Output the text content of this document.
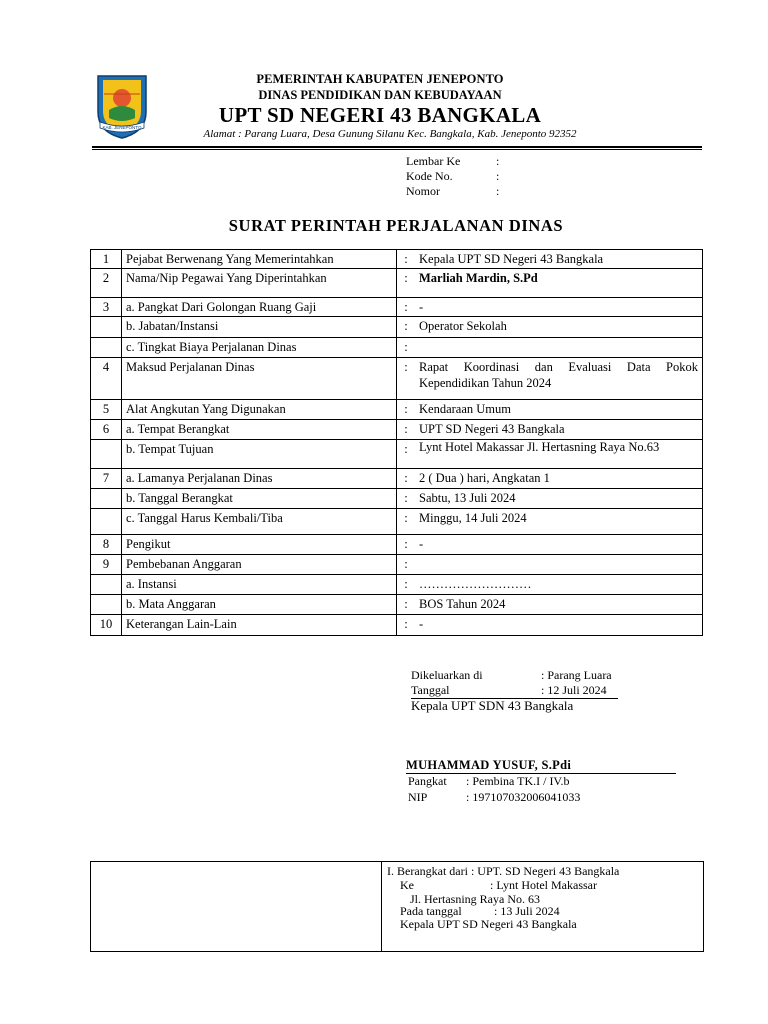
KAB. JENEPONTO
PEMERINTAH KABUPATEN JENEPONTO
DINAS PENDIDIKAN DAN KEBUDAYAAN
UPT SD NEGERI 43 BANGKALA
Alamat : Parang Luara, Desa Gunung Silanu Kec. Bangkala, Kab. Jeneponto 92352
Lembar Ke	:
Kode No.	:
Nomor	:
SURAT PERINTAH PERJALANAN DINAS
1	Pejabat Berwenang Yang Memerintahkan	:	Kepala UPT SD Negeri 43 Bangkala
2	Nama/Nip Pegawai Yang Diperintahkan	:	Marliah Mardin, S.Pd
3	a. Pangkat Dari Golongan Ruang Gaji	:	-
	b. Jabatan/Instansi	:	Operator Sekolah
	c. Tingkat Biaya Perjalanan Dinas	:	
4	Maksud Perjalanan Dinas	:	Rapat Koordinasi dan Evaluasi Data Pokok Kependidikan Tahun 2024
5	Alat Angkutan Yang Digunakan	:	Kendaraan Umum
6	a. Tempat Berangkat	:	UPT SD Negeri 43 Bangkala
	b. Tempat Tujuan	:	Lynt Hotel Makassar Jl. Hertasning Raya No.63
7	a. Lamanya Perjalanan Dinas	:	2 ( Dua ) hari, Angkatan 1
	b. Tanggal Berangkat	:	Sabtu, 13 Juli 2024
	c. Tanggal Harus Kembali/Tiba	:	Minggu, 14 Juli 2024
8	Pengikut	:	-
9	Pembebanan Anggaran	:	
	a. Instansi	:	………………………
	b. Mata Anggaran	:	BOS Tahun 2024
10	Keterangan Lain-Lain	:	-
Dikeluarkan di	: Parang Luara
Tanggal	: 12 Juli 2024
Kepala UPT SDN 43 Bangkala
MUHAMMAD YUSUF, S.Pdi
Pangkat : Pembina TK.I / IV.b
NIP	: 197107032006041033
I. Berangkat dari : UPT. SD Negeri 43 Bangkala
Ke	: Lynt Hotel Makassar
Jl. Hertasning Raya No. 63
Pada tanggal	: 13 Juli 2024
Kepala UPT SD Negeri 43 Bangkala
